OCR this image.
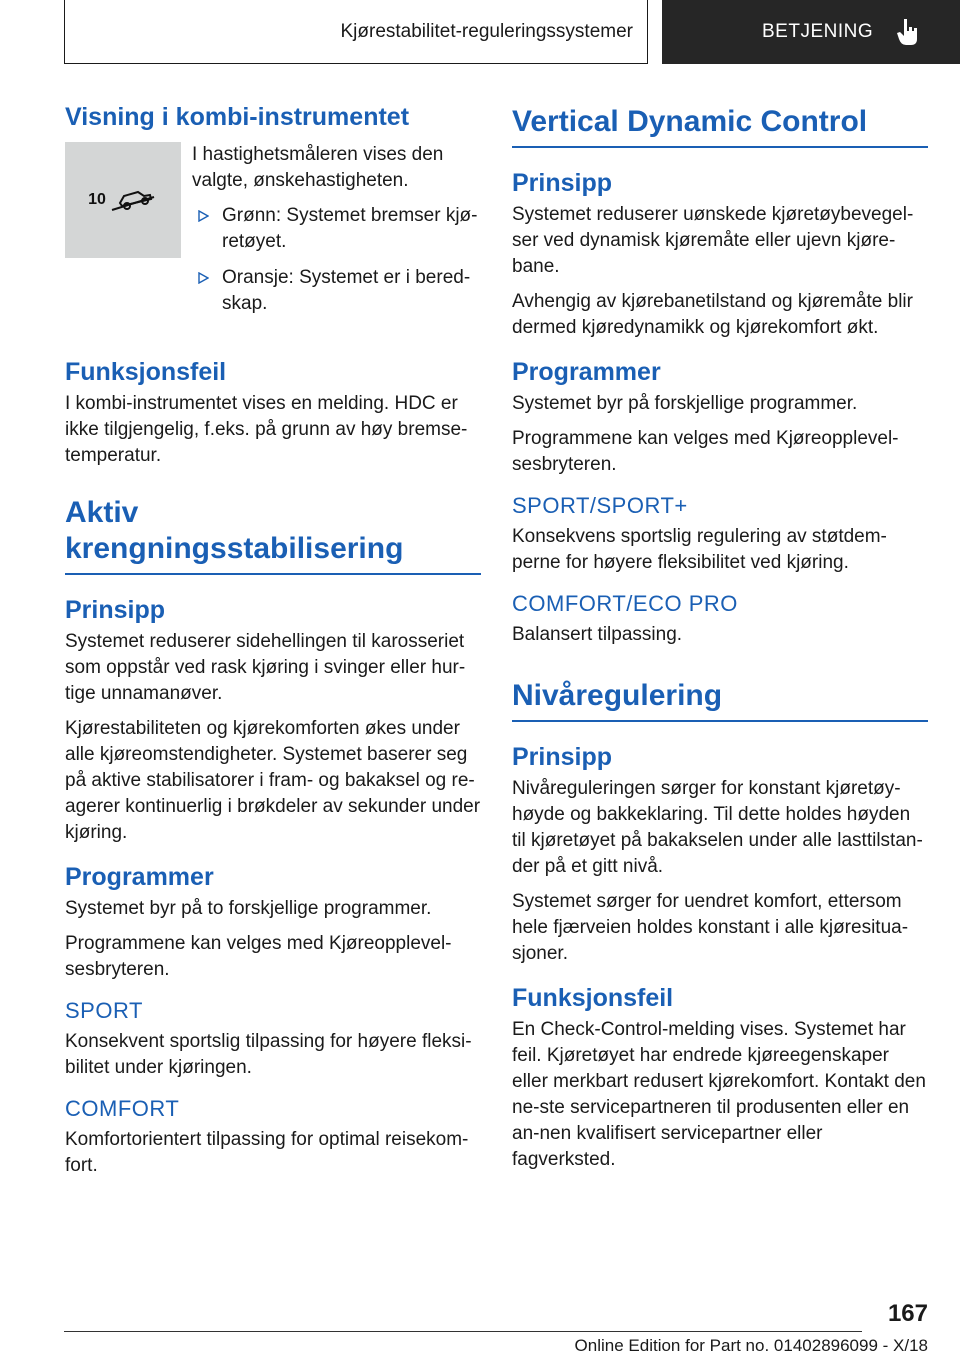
Kjørestabilitet-reguleringssystemer	BETJENING
Visning i kombi-instrumentet
10

I hastighetsmåleren vises den valgte, ønskehastigheten.

Grønn: Systemet bremser kjø-retøyet.
Oransje: Systemet er i bered-skap.
Funksjonsfeil

I kombi-instrumentet vises en melding. HDC er ikke tilgjengelig, f.eks. på grunn av høy bremse-temperatur.

Aktiv
krengningsstabilisering
Prinsipp

Systemet reduserer sidehellingen til karosseriet som oppstår ved rask kjøring i svinger eller hur-tige unnamanøver.

Kjørestabiliteten og kjørekomforten økes under alle kjøreomstendigheter. Systemet baserer seg på aktive stabilisatorer i fram- og bakaksel og re-agerer kontinuerlig i brøkdeler av sekunder under kjøring.

Programmer

Systemet byr på to forskjellige programmer.

Programmene kan velges med Kjøreopplevel-sesbryteren.

SPORT

Konsekvent sportslig tilpassing for høyere fleksi-bilitet under kjøringen.

COMFORT

Komfortorientert tilpassing for optimal reisekom-fort.

Vertical Dynamic Control
Prinsipp

Systemet reduserer uønskede kjøretøybevegel-ser ved dynamisk kjøremåte eller ujevn kjøre-bane.

Avhengig av kjørebanetilstand og kjøremåte blir dermed kjøredynamikk og kjørekomfort økt.

Programmer

Systemet byr på forskjellige programmer.

Programmene kan velges med Kjøreopplevel-sesbryteren.

SPORT/SPORT+

Konsekvens sportslig regulering av støtdem-perne for høyere fleksibilitet ved kjøring.

COMFORT/ECO PRO

Balansert tilpassing.

Nivåregulering
Prinsipp

Nivåreguleringen sørger for konstant kjøretøy-høyde og bakkeklaring. Til dette holdes høyden til kjøretøyet på bakakselen under alle lasttilstan-der på et gitt nivå.

Systemet sørger for uendret komfort, ettersom hele fjærveien holdes konstant i alle kjøresitua-sjoner.

Funksjonsfeil

En Check-Control-melding vises. Systemet har feil. Kjøretøyet har endrede kjøreegenskaper eller merkbart redusert kjørekomfort. Kontakt den ne-ste servicepartneren til produsenten eller en an-nen kvalifisert servicepartner eller fagverksted.

167
Online Edition for Part no. 01402896099 - X/18
